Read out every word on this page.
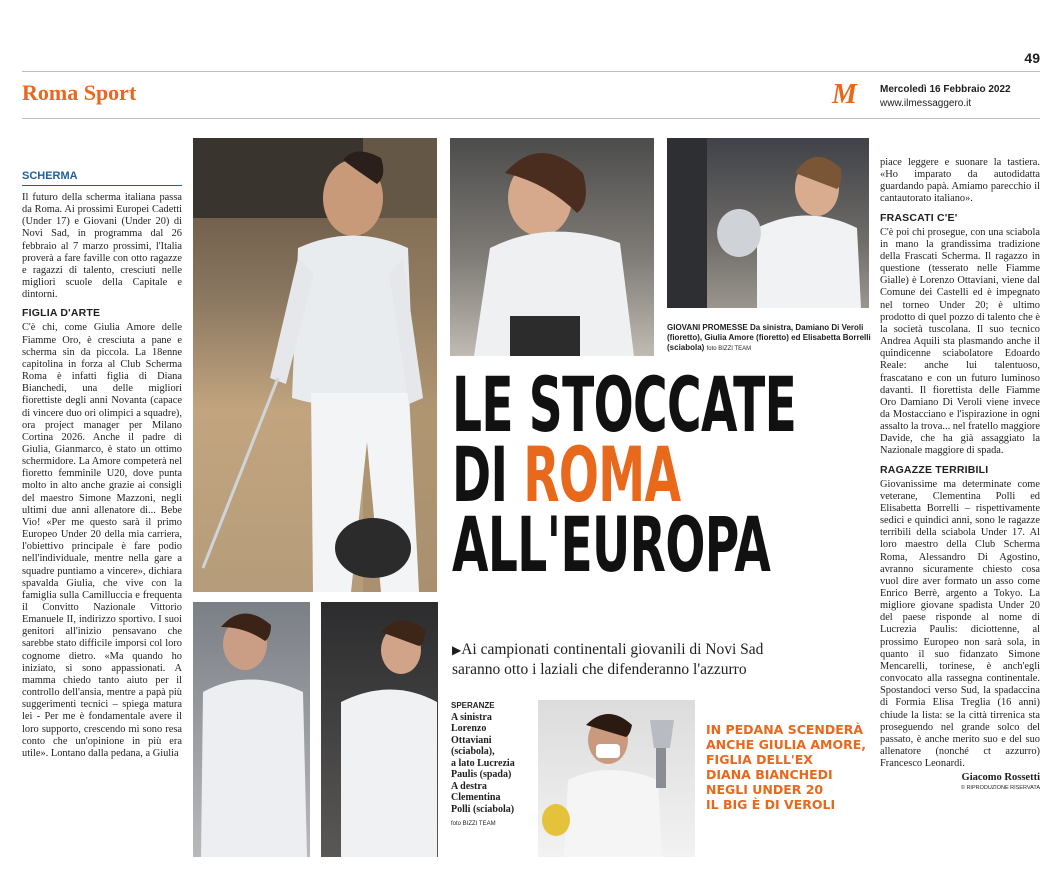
49
Roma Sport	M Mercoledì 16 Febbraio 2022
www.ilmessaggero.it
SCHERMA

Il futuro della scherma italiana passa da Roma. Ai prossimi Europei Cadetti (Under 17) e Giovani (Under 20) di Novi Sad, in programma dal 26 febbraio al 7 marzo prossimi, l'Italia proverà a fare faville con otto ragazze e ragazzi di talento, cresciuti nelle migliori scuole della Capitale e dintorni.

FIGLIA D'ARTE

C'è chi, come Giulia Amore delle Fiamme Oro, è cresciuta a pane e scherma sin da piccola. La 18enne capitolina in forza al Club Scherma Roma è infatti figlia di Diana Bianchedi, una delle migliori fiorettiste degli anni Novanta (capace di vincere duo ori olimpici a squadre), ora project manager per Milano Cortina 2026. Anche il padre di Giulia, Gianmarco, è stato un ottimo schermidore. La Amore competerà nel fioretto femminile U20, dove punta molto in alto anche grazie ai consigli del maestro Simone Mazzoni, negli ultimi due anni allenatore di... Bebe Vio! «Per me questo sarà il primo Europeo Under 20 della mia carriera, l'obiettivo principale è fare podio nell'individuale, mentre nella gare a squadre puntiamo a vincere», dichiara spavalda Giulia, che vive con la famiglia sulla Camilluccia e frequenta il Convitto Nazionale Vittorio Emanuele II, indirizzo sportivo. I suoi genitori all'inizio pensavano che sarebbe stato difficile imporsi col loro cognome dietro. «Ma quando ho iniziato, si sono appassionati. A mamma chiedo tanto aiuto per il controllo dell'ansia, mentre a papà più suggerimenti tecnici – spiega matura lei - Per me è fondamentale avere il loro supporto, crescendo mi sono resa conto che un'opinione in più era utile». Lontano dalla pedana, a Giulia

GIOVANI PROMESSE Da sinistra, Damiano Di Veroli (fioretto), Giulia Amore (fioretto) ed Elisabetta Borrelli (sciabola) foto BIZZI TEAM
LE STOCCATE
DI ROMA
ALL'EUROPA
▶Ai campionati continentali giovanili di Novi Sad
saranno otto i laziali che difenderanno l'azzurro
SPERANZE
A sinistra
Lorenzo
Ottaviani
(sciabola),
a lato Lucrezia
Paulis (spada)
A destra
Clementina
Polli (sciabola)
foto BIZZI TEAM
IN PEDANA SCENDERÀ
ANCHE GIULIA AMORE,
FIGLIA DELL'EX
DIANA BIANCHEDI
NEGLI UNDER 20
IL BIG È DI VEROLI

piace leggere e suonare la tastiera. «Ho imparato da autodidatta guardando papà. Amiamo parecchio il cantautorato italiano».

FRASCATI C'E'

C'è poi chi prosegue, con una sciabola in mano la grandissima tradizione della Frascati Scherma. Il ragazzo in questione (tesserato nelle Fiamme Gialle) è Lorenzo Ottaviani, viene dal Comune dei Castelli ed è impegnato nel torneo Under 20; è ultimo prodotto di quel pozzo di talento che è la società tuscolana. Il suo tecnico Andrea Aquili sta plasmando anche il quindicenne sciabolatore Edoardo Reale: anche lui talentuoso, frascatano e con un futuro luminoso davanti. Il fiorettista delle Fiamme Oro Damiano Di Veroli viene invece da Mostacciano e l'ispirazione in ogni assalto la trova... nel fratello maggiore Davide, che ha già assaggiato la Nazionale maggiore di spada.

RAGAZZE TERRIBILI

Giovanissime ma determinate come veterane, Clementina Polli ed Elisabetta Borrelli – rispettivamente sedici e quindici anni, sono le ragazze terribili della sciabola Under 17. Al loro maestro della Club Scherma Roma, Alessandro Di Agostino, avranno sicuramente chiesto cosa vuol dire aver formato un asso come Enrico Berrè, argento a Tokyo. La migliore giovane spadista Under 20 del paese risponde al nome di Lucrezia Paulis: diciottenne, al prossimo Europeo non sarà sola, in quanto il suo fidanzato Simone Mencarelli, torinese, è anch'egli convocato alla rassegna continentale. Spostandoci verso Sud, la spadaccina di Formia Elisa Treglia (16 anni) chiude la lista: se la città tirrenica sta proseguendo nel grande solco del passato, è anche merito suo e del suo allenatore (nonché ct azzurro) Francesco Leonardi.

Giacomo Rossetti
© RIPRODUZIONE RISERVATA
